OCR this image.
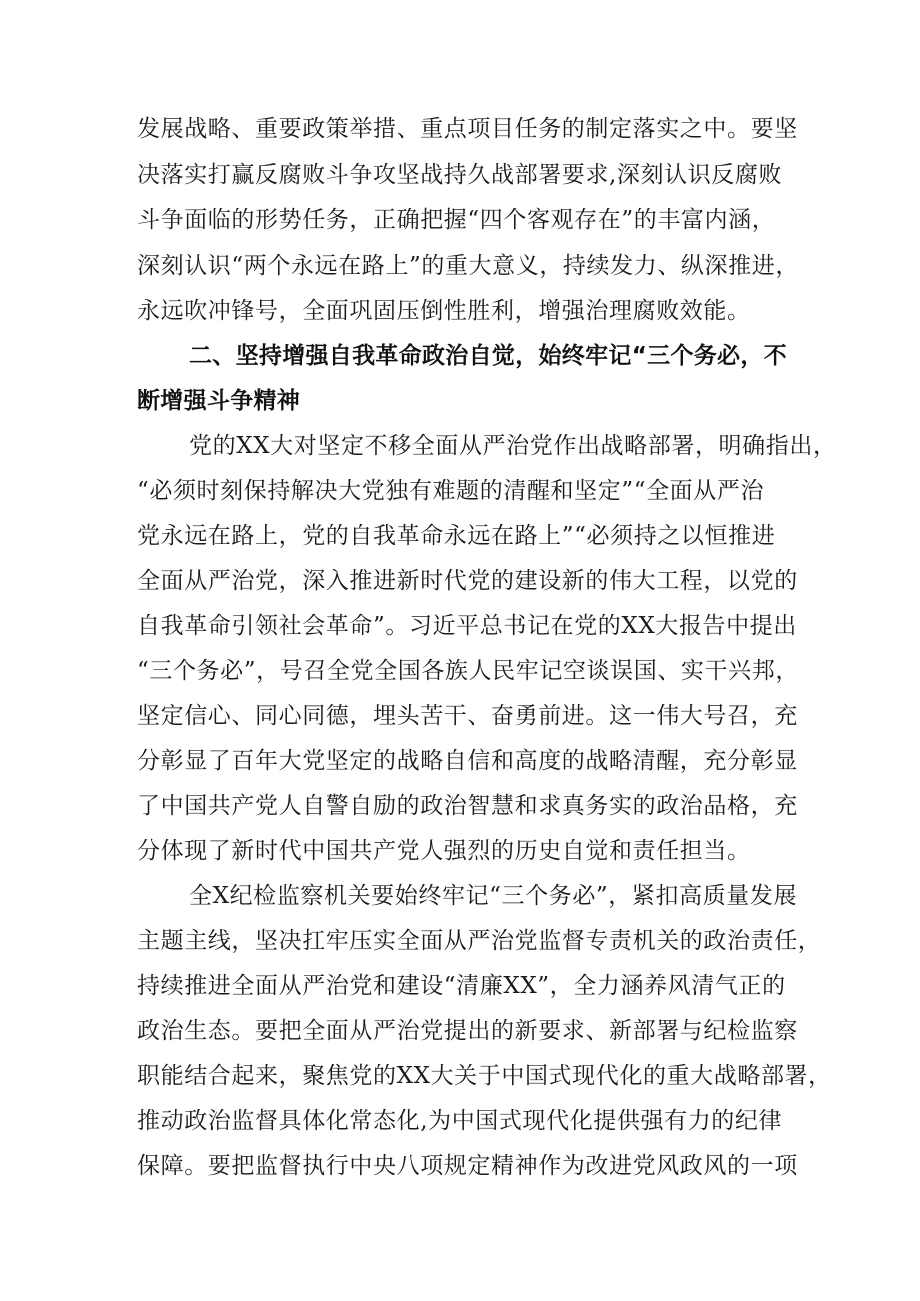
发展战略、重要政策举措、重点项目任务的制定落实之中。要坚
决落实打赢反腐败斗争攻坚战持久战部署要求,深刻认识反腐败
斗争面临的形势任务，正确把握“四个客观存在”的丰富内涵，
深刻认识“两个永远在路上”的重大意义，持续发力、纵深推进，
永远吹冲锋号，全面巩固压倒性胜利，增强治理腐败效能。
二、坚持增强自我革命政治自觉，始终牢记“三个务必，不
断增强斗争精神
党的XX大对坚定不移全面从严治党作出战略部署，明确指出，
“必须时刻保持解决大党独有难题的清醒和坚定”“全面从严治
党永远在路上，党的自我革命永远在路上”“必须持之以恒推进
全面从严治党，深入推进新时代党的建设新的伟大工程，以党的
自我革命引领社会革命”。习近平总书记在党的XX大报告中提出
“三个务必”，号召全党全国各族人民牢记空谈误国、实干兴邦，
坚定信心、同心同德，埋头苦干、奋勇前进。这一伟大号召，充
分彰显了百年大党坚定的战略自信和高度的战略清醒，充分彰显
了中国共产党人自警自励的政治智慧和求真务实的政治品格，充
分体现了新时代中国共产党人强烈的历史自觉和责任担当。
全X纪检监察机关要始终牢记“三个务必”，紧扣高质量发展
主题主线，坚决扛牢压实全面从严治党监督专责机关的政治责任，
持续推进全面从严治党和建设“清廉XX”，全力涵养风清气正的
政治生态。要把全面从严治党提出的新要求、新部署与纪检监察
职能结合起来，聚焦党的XX大关于中国式现代化的重大战略部署，
推动政治监督具体化常态化,为中国式现代化提供强有力的纪律
保障。要把监督执行中央八项规定精神作为改进党风政风的一项
